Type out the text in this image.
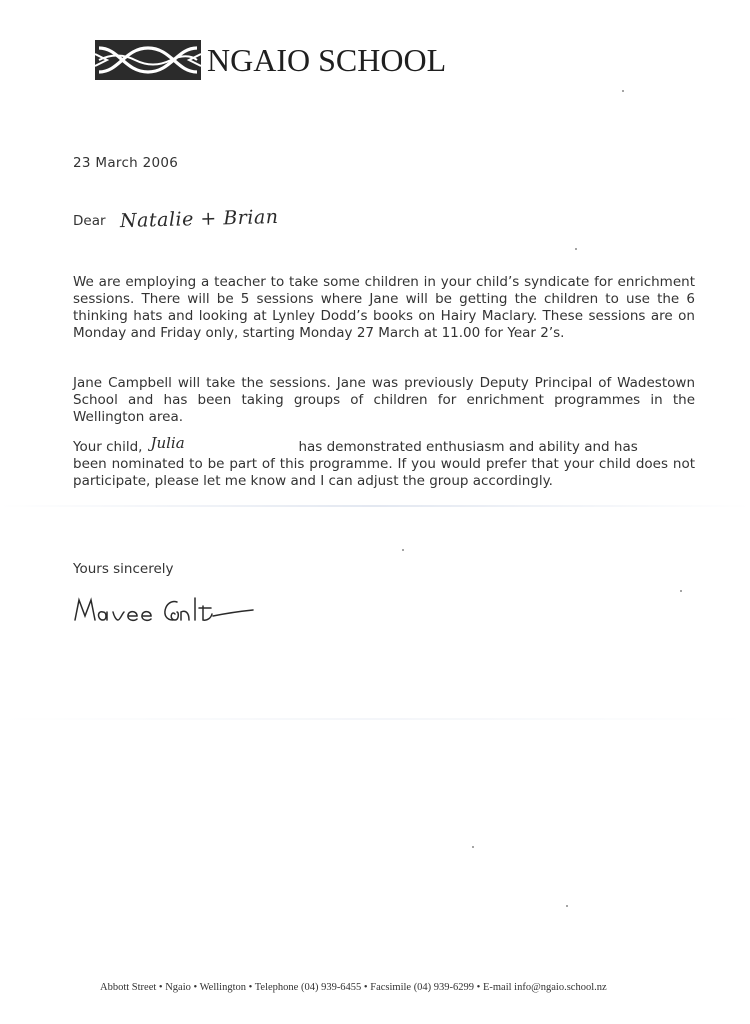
NGAIO SCHOOL
23 March 2006
Dear Natalie + Brian

We are employing a teacher to take some children in your child’s syndicate for enrichment sessions. There will be 5 sessions where Jane will be getting the children to use the 6 thinking hats and looking at Lynley Dodd’s books on Hairy Maclary. These sessions are on Monday and Friday only, starting Monday 27 March at 11.00 for Year 2’s.

Jane Campbell will take the sessions. Jane was previously Deputy Principal of Wadestown School and has been taking groups of children for enrichment programmes in the Wellington area.

Your child, Julia	has demonstrated enthusiasm and ability and has
been nominated to be part of this programme. If you would prefer that your child does not participate, please let me know and I can adjust the group accordingly.
Yours sincerely
Abbott Street • Ngaio • Wellington • Telephone (04) 939-6455 • Facsimile (04) 939-6299 • E-mail info@ngaio.school.nz
